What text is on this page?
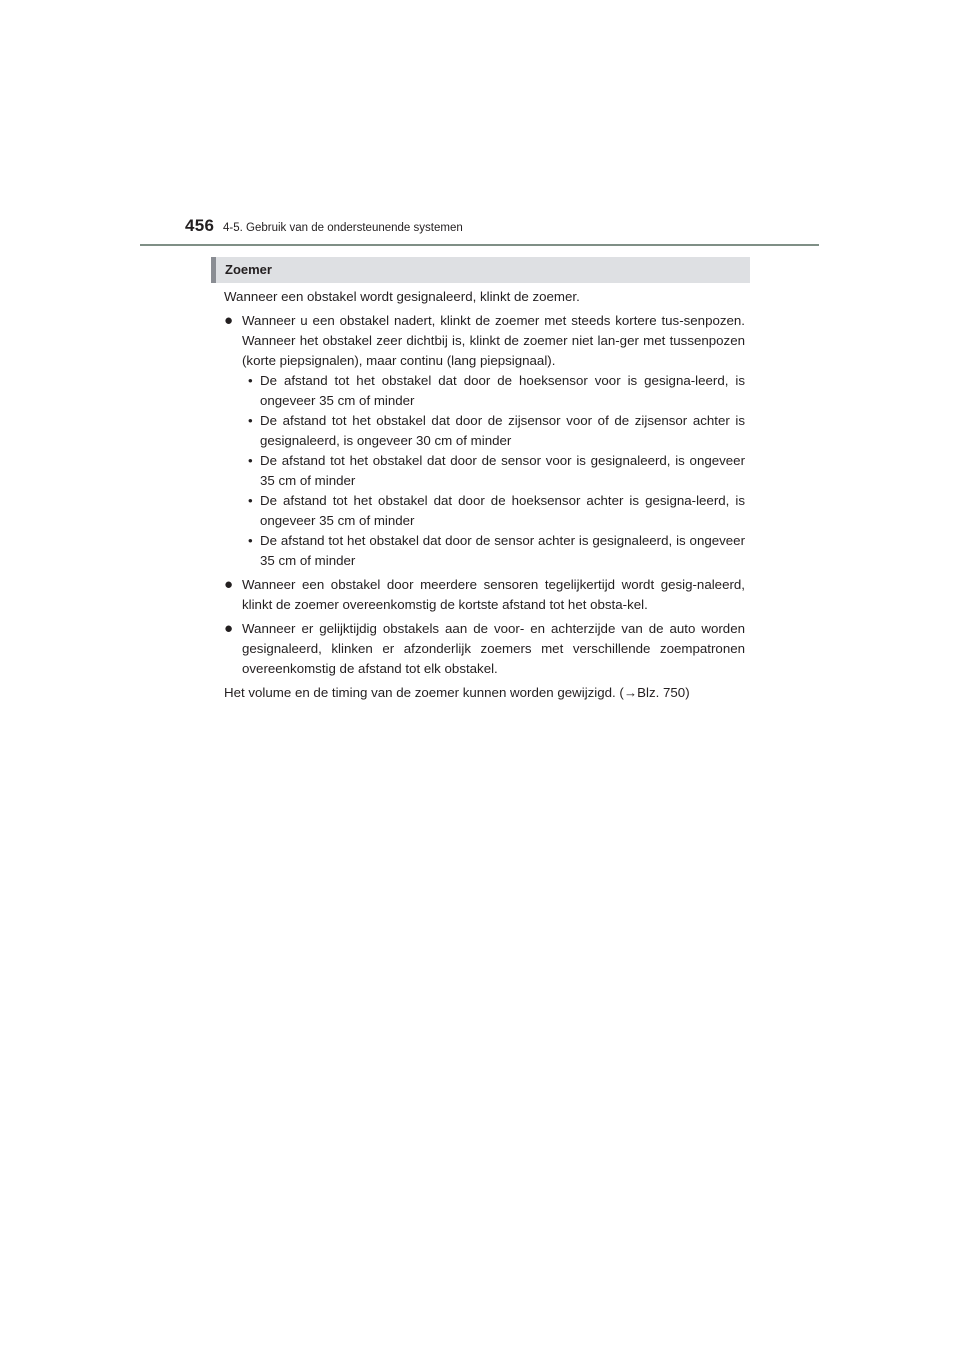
456 4-5. Gebruik van de ondersteunende systemen
Zoemer

Wanneer een obstakel wordt gesignaleerd, klinkt de zoemer.

● Wanneer u een obstakel nadert, klinkt de zoemer met steeds kortere tus-senpozen. Wanneer het obstakel zeer dichtbij is, klinkt de zoemer niet lan-ger met tussenpozen (korte piepsignalen), maar continu (lang piepsignaal).

• De afstand tot het obstakel dat door de hoeksensor voor is gesigna-leerd, is ongeveer 35 cm of minder
• De afstand tot het obstakel dat door de zijsensor voor of de zijsensor achter is gesignaleerd, is ongeveer 30 cm of minder
• De afstand tot het obstakel dat door de sensor voor is gesignaleerd, is ongeveer 35 cm of minder
• De afstand tot het obstakel dat door de hoeksensor achter is gesigna-leerd, is ongeveer 35 cm of minder
• De afstand tot het obstakel dat door de sensor achter is gesignaleerd, is ongeveer 35 cm of minder
● Wanneer een obstakel door meerdere sensoren tegelijkertijd wordt gesig-naleerd, klinkt de zoemer overeenkomstig de kortste afstand tot het obsta-kel.

● Wanneer er gelijktijdig obstakels aan de voor- en achterzijde van de auto worden gesignaleerd, klinken er afzonderlijk zoemers met verschillende zoempatronen overeenkomstig de afstand tot elk obstakel.

Het volume en de timing van de zoemer kunnen worden gewijzigd. (→Blz. 750)
